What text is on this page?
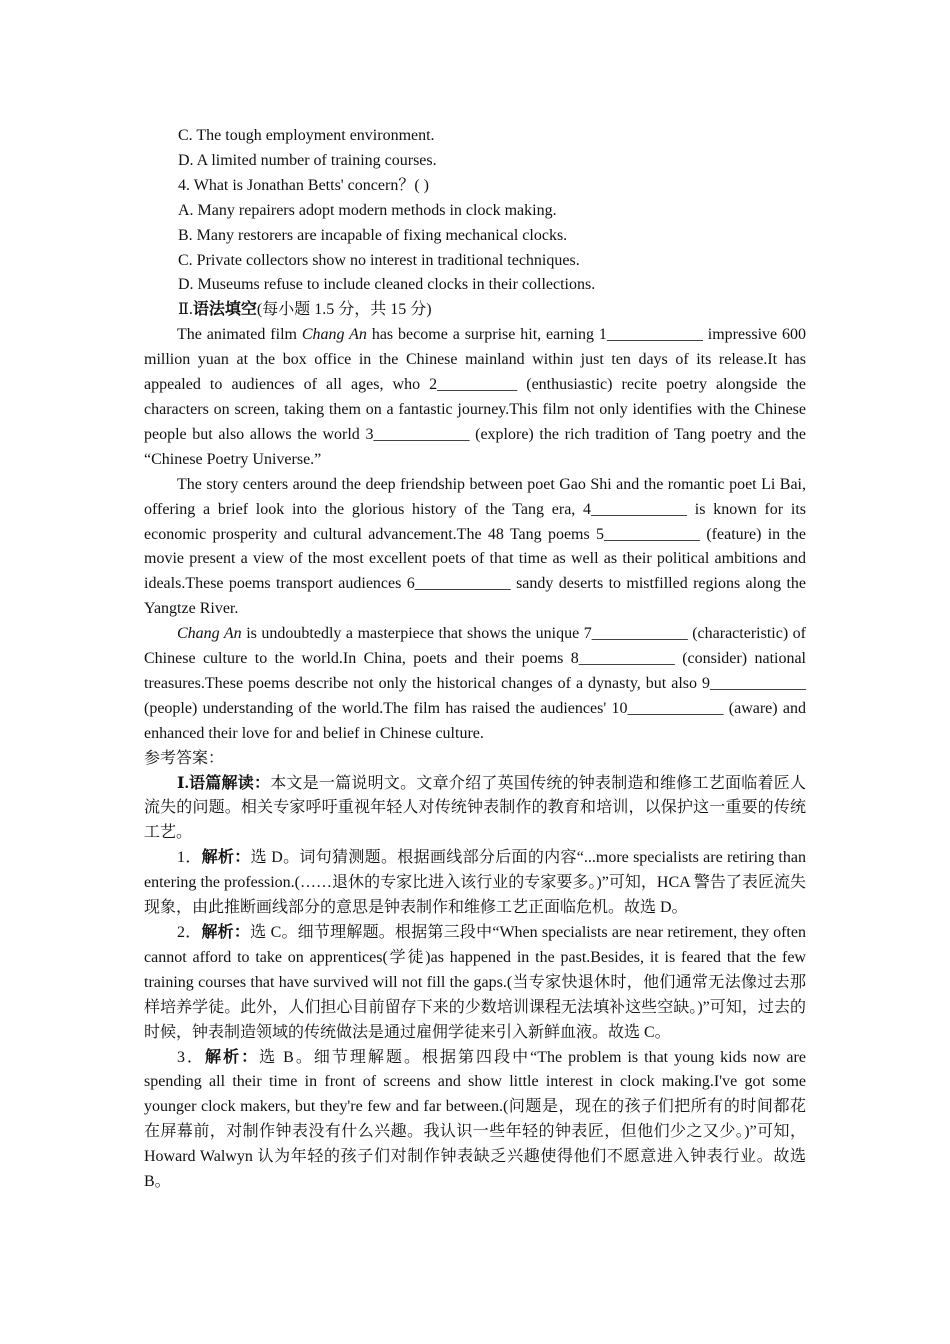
C. The tough employment environment.
D. A limited number of training courses.
4. What is Jonathan Betts' concern？( )
A. Many repairers adopt modern methods in clock making.
B. Many restorers are incapable of fixing mechanical clocks.
C. Private collectors show no interest in traditional techniques.
D. Museums refuse to include cleaned clocks in their collections.
Ⅱ.语法填空(每小题 1.5 分，共 15 分)
The animated film Chang An has become a surprise hit, earning 1____________ impressive 600 million yuan at the box office in the Chinese mainland within just ten days of its release.It has appealed to audiences of all ages, who 2__________ (enthusiastic) recite poetry alongside the characters on screen, taking them on a fantastic journey.This film not only identifies with the Chinese people but also allows the world 3____________ (explore) the rich tradition of Tang poetry and the “Chinese Poetry Universe.”
The story centers around the deep friendship between poet Gao Shi and the romantic poet Li Bai, offering a brief look into the glorious history of the Tang era, 4____________ is known for its economic prosperity and cultural advancement.The 48 Tang poems 5____________ (feature) in the movie present a view of the most excellent poets of that time as well as their political ambitions and ideals.These poems transport audiences 6____________ sandy deserts to mistfilled regions along the Yangtze River.
Chang An is undoubtedly a masterpiece that shows the unique 7____________ (characteristic) of Chinese culture to the world.In China, poets and their poems 8____________ (consider) national treasures.These poems describe not only the historical changes of a dynasty, but also 9____________ (people) understanding of the world.The film has raised the audiences' 10____________ (aware) and enhanced their love for and belief in Chinese culture.
参考答案：
Ⅰ.语篇解读：本文是一篇说明文。文章介绍了英国传统的钟表制造和维修工艺面临着匠人流失的问题。相关专家呼吁重视年轻人对传统钟表制作的教育和培训，以保护这一重要的传统工艺。
1．解析：选 D。词句猜测题。根据画线部分后面的内容“...more specialists are retiring than entering the profession.(……退休的专家比进入该行业的专家要多。)”可知，HCA 警告了表匠流失现象，由此推断画线部分的意思是钟表制作和维修工艺正面临危机。故选 D。
2．解析：选 C。细节理解题。根据第三段中“When specialists are near retirement, they often cannot afford to take on apprentices(学徒)as happened in the past.Besides, it is feared that the few training courses that have survived will not fill the gaps.(当专家快退休时，他们通常无法像过去那样培养学徒。此外，人们担心目前留存下来的少数培训课程无法填补这些空缺。)”可知，过去的时候，钟表制造领域的传统做法是通过雇佣学徒来引入新鲜血液。故选 C。
3．解析：选 B。细节理解题。根据第四段中“The problem is that young kids now are spending all their time in front of screens and show little interest in clock making.I've got some younger clock makers, but they're few and far between.(问题是，现在的孩子们把所有的时间都花在屏幕前，对制作钟表没有什么兴趣。我认识一些年轻的钟表匠，但他们少之又少。)”可知，Howard Walwyn 认为年轻的孩子们对制作钟表缺乏兴趣使得他们不愿意进入钟表行业。故选 B。
